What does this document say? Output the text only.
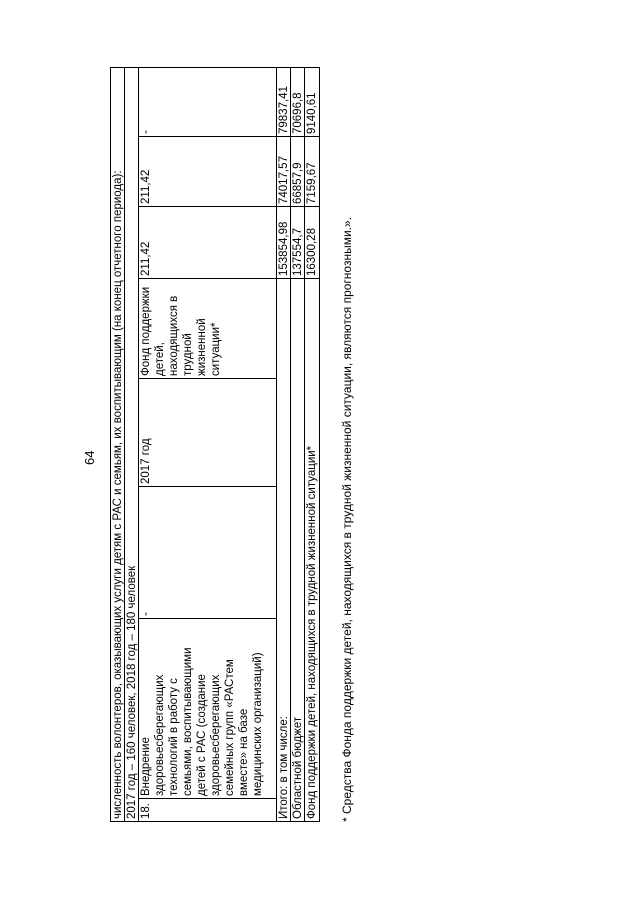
64 численность волонтеров, оказывающих услуги детям с РАС и семьям, их воспитывающим (на конец отчетного периода): 2017 год – 160 человек, 2018 год – 180 человек 18.
Внедрение
здоровьесберегающих
технологий в работу с
семьями, воспитывающими
детей с РАС (создание
здоровьесберегающих
семейных групп «РАСтем
вместе» на базе
медицинских организаций)
-
2017 год
Фонд поддержки
детей,
находящихся в
трудной
жизненной
ситуации*
211,42
211,42
Итого: в том числе:
153854,98
74017,57
Областной бюджет
137554,7
66857,9
Фонд поддержки детей, находящихся в трудной жизненной ситуации*
16300,28
7159,67
-	79837,41 70696,8 9140,61
* Средства Фонда поддержки детей, находящихся в трудной жизненной ситуации, являются прогнозными.».
